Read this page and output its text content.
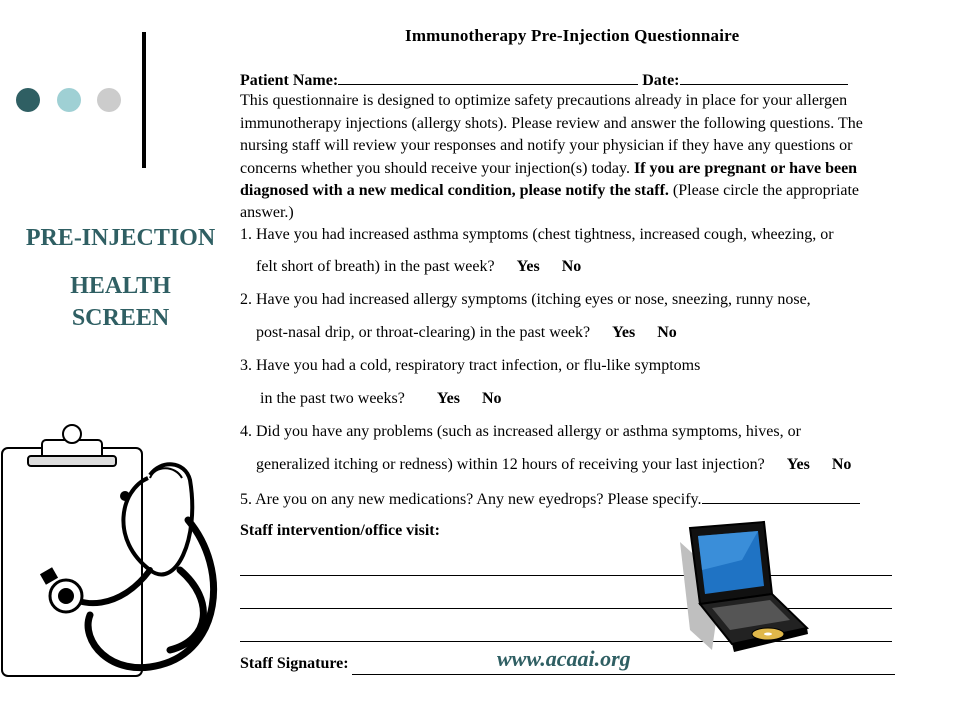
PRE-INJECTION
HEALTH
SCREEN
Immunotherapy Pre-Injection Questionnaire
Patient Name:	Date:
This questionnaire is designed to optimize safety precautions already in place for your allergen
immunotherapy injections (allergy shots). Please review and answer the following questions. The
nursing staff will review your responses and notify your physician if they have any questions or
concerns whether you should receive your injection(s) today. If you are pregnant or have been
diagnosed with a new medical condition, please notify the staff. (Please circle the appropriate
answer.)
1. Have you had increased asthma symptoms (chest tightness, increased cough, wheezing, or
felt short of breath) in the past week? Yes No
2. Have you had increased allergy symptoms (itching eyes or nose, sneezing, runny nose,
post-nasal drip, or throat-clearing) in the past week? Yes No
3. Have you had a cold, respiratory tract infection, or flu-like symptoms
in the past two weeks? Yes No
4. Did you have any problems (such as increased allergy or asthma symptoms, hives, or
generalized itching or redness) within 12 hours of receiving your last injection? Yes No
5. Are you on any new medications? Any new eyedrops? Please specify.
Staff intervention/office visit:
Staff Signature:	www.acaai.org
